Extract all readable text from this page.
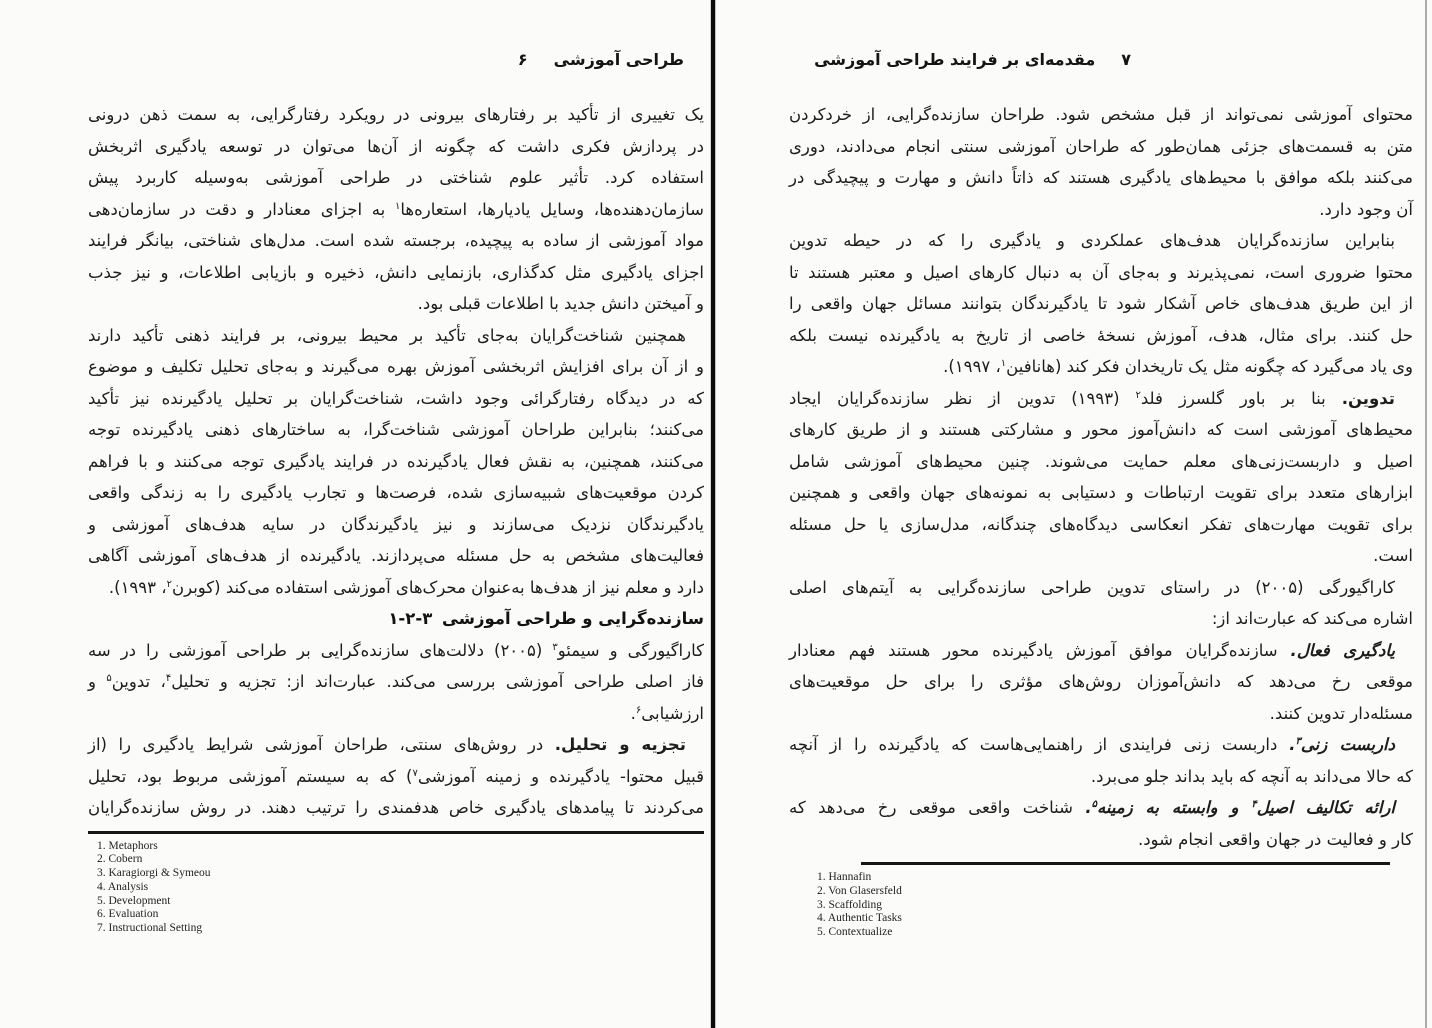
طراحی آموزشی
۶
یک تغییری از تأکید بر رفتارهای بیرونی در رویکرد رفتارگرایی، به سمت ذهن درونی
در پردازش فکری داشت که چگونه از آن‌ها می‌توان در توسعه یادگیری اثربخش
استفاده کرد. تأثیر علوم شناختی در طراحی آموزشی به‌وسیله کاربرد پیش
سازمان‌دهنده‌ها، وسایل یادیارها، استعاره‌ها$^۱$ به اجزای معنادار و دقت در سازمان‌دهی
مواد آموزشی از ساده به پیچیده، برجسته شده است. مدل‌های شناختی، بیانگر فرایند
اجزای یادگیری مثل کدگذاری، بازنمایی دانش، ذخیره و بازیابی اطلاعات، و نیز جذب
و آمیختن دانش جدید با اطلاعات قبلی بود.
همچنین شناخت‌گرایان به‌جای تأکید بر محیط بیرونی، بر فرایند ذهنی تأکید دارند
و از آن برای افزایش اثربخشی آموزش بهره می‌گیرند و به‌جای تحلیل تکلیف و موضوع
که در دیدگاه رفتارگرائی وجود داشت، شناخت‌گرایان بر تحلیل یادگیرنده نیز تأکید
می‌کنند؛ بنابراین طراحان آموزشی شناخت‌گرا، به ساختارهای ذهنی یادگیرنده توجه
می‌کنند، همچنین، به نقش فعال یادگیرنده در فرایند یادگیری توجه می‌کنند و با فراهم
کردن موقعیت‌های شبیه‌سازی شده، فرصت‌ها و تجارب یادگیری را به زندگی واقعی
یادگیرندگان نزدیک می‌سازند و نیز یادگیرندگان در سایه هدف‌های آموزشی و
فعالیت‌های مشخص به حل مسئله می‌پردازند. یادگیرنده از هدف‌های آموزشی آگاهی
دارد و معلم نیز از هدف‌ها به‌عنوان محرک‌های آموزشی استفاده می‌کند (کوبرن$^۲$، ۱۹۹۳).
سازنده‌گرایی و طراحی آموزشی ۳-۲-۱
کاراگیورگی و سیمئو$^۳$ (۲۰۰۵) دلالت‌های سازنده‌گرایی بر طراحی آموزشی را در سه
فاز اصلی طراحی آموزشی بررسی می‌کند. عبارت‌اند از: تجزیه و تحلیل$^۴$، تدوین$^۵$ و
ارزشیابی$^۶$.
تجزیه و تحلیل. در روش‌های سنتی، طراحان آموزشی شرایط یادگیری را (از
قبیل محتوا- یادگیرنده و زمینه آموزشی$^۷$) که به سیستم آموزشی مربوط بود، تحلیل
می‌کردند تا پیامدهای یادگیری خاص هدفمندی را ترتیب دهند. در روش سازنده‌گرایان
1. Metaphors
2. Cobern
3. Karagiorgi & Symeou
4. Analysis
5. Development
6. Evaluation
7. Instructional Setting
۷
مقدمه‌ای بر فرایند طراحی آموزشی
محتوای آموزشی نمی‌تواند از قبل مشخص شود. طراحان سازنده‌گرایی، از خردکردن
متن به قسمت‌های جزئی همان‌طور که طراحان آموزشی سنتی انجام می‌دادند، دوری
می‌کنند بلکه موافق با محیط‌های یادگیری هستند که ذاتاً دانش و مهارت و پیچیدگی در
آن وجود دارد.
بنابراین سازنده‌گرایان هدف‌های عملکردی و یادگیری را که در حیطه تدوین
محتوا ضروری است، نمی‌پذیرند و به‌جای آن به دنبال کارهای اصیل و معتبر هستند تا
از این طریق هدف‌های خاص آشکار شود تا یادگیرندگان بتوانند مسائل جهان واقعی را
حل کنند. برای مثال، هدف، آموزش نسخۀ خاصی از تاریخ به یادگیرنده نیست بلکه
وی یاد می‌گیرد که چگونه مثل یک تاریخدان فکر کند (هانافین$^۱$، ۱۹۹۷).
تدوین. بنا بر باور گلسرز فلد$^۲$ (۱۹۹۳) تدوین از نظر سازنده‌گرایان ایجاد
محیط‌های آموزشی است که دانش‌آموز محور و مشارکتی هستند و از طریق کارهای
اصیل و داربست‌زنی‌های معلم حمایت می‌شوند. چنین محیط‌های آموزشی شامل
ابزارهای متعدد برای تقویت ارتباطات و دستیابی به نمونه‌های جهان واقعی و همچنین
برای تقویت مهارت‌های تفکر انعکاسی دیدگاه‌های چندگانه، مدل‌سازی یا حل مسئله
است.
کاراگیورگی (۲۰۰۵) در راستای تدوین طراحی سازنده‌گرایی به آیتم‌های اصلی
اشاره می‌کند که عبارت‌اند از:
یادگیری فعال. سازنده‌گرایان موافق آموزش یادگیرنده محور هستند فهم معنادار
موقعی رخ می‌دهد که دانش‌آموزان روش‌های مؤثری را برای حل موقعیت‌های
مسئله‌دار تدوین کنند.
داربست زنی$^۳$. داربست زنی فرایندی از راهنمایی‌هاست که یادگیرنده را از آنچه
که حالا می‌داند به آنچه که باید بداند جلو می‌برد.
ارائه تکالیف اصیل$^۴$ و وابسته به زمینه$^۵$. شناخت واقعی موقعی رخ می‌دهد که
کار و فعالیت در جهان واقعی انجام شود.
1. Hannafin
2. Von Glasersfeld
3. Scaffolding
4. Authentic Tasks
5. Contextualize
